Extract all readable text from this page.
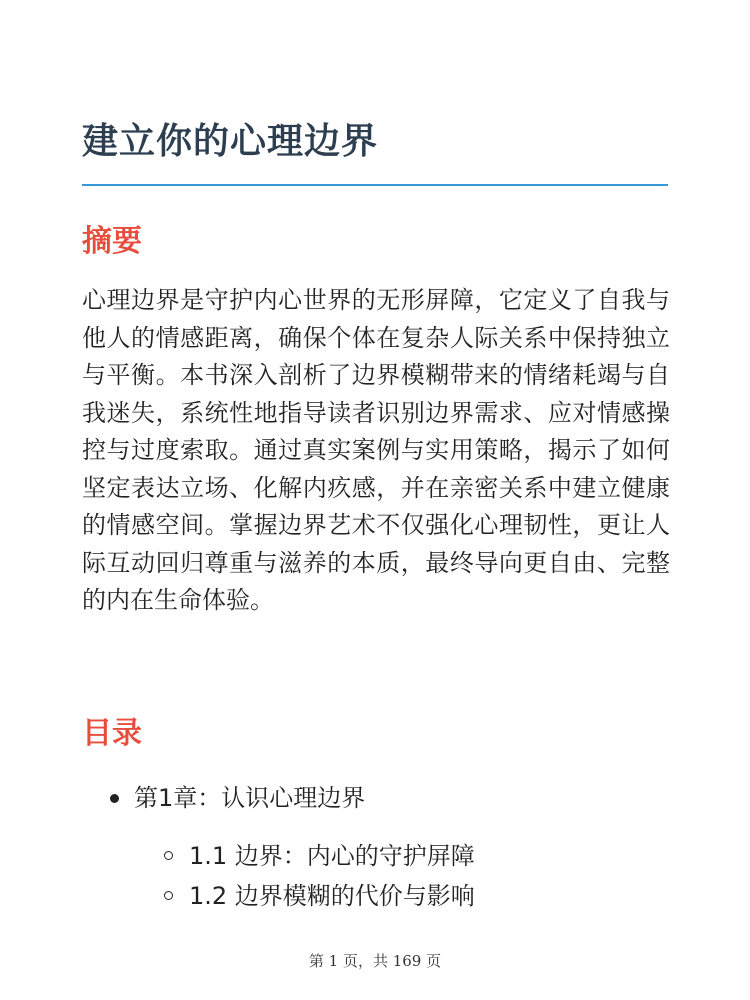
建立你的心理边界
摘要

心理边界是守护内心世界的无形屏障，它定义了自我与他人的情感距离，确保个体在复杂人际关系中保持独立与平衡。本书深入剖析了边界模糊带来的情绪耗竭与自我迷失，系统性地指导读者识别边界需求、应对情感操控与过度索取。通过真实案例与实用策略，揭示了如何坚定表达立场、化解内疚感，并在亲密关系中建立健康的情感空间。掌握边界艺术不仅强化心理韧性，更让人际互动回归尊重与滋养的本质，最终导向更自由、完整的内在生命体验。

目录
第1章：认识心理边界
1.1 边界：内心的守护屏障
1.2 边界模糊的代价与影响
第 1 页，共 169 页
